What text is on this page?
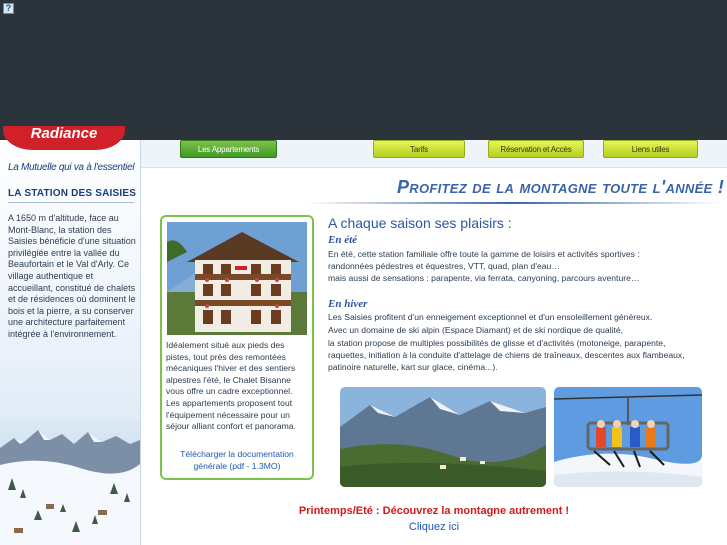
?
Radiance
La Mutuelle qui va à l'essentiel
LA STATION DES SAISIES
A 1650 m d'altitude, face au Mont-Blanc, la station des Saisies bénéficie d'une situation privilégiée entre la vallée du Beaufortain et le Val d'Arly. Ce village authentique et accueillant, constitué de chalets et de résidences où dominent le bois et la pierre, a su conserver une architecture parfaitement intégrée à l'environnement.
Les Appartements	Tarifs	Réservation et Accès	Liens utiles
Profitez de la montagne toute l'année !
Idéalement situé aux pieds des pistes, tout près des remontées mécaniques l'hiver et des sentiers alpestres l'été, le Chalet Bisanne vous offre un cadre exceptionnel. Les appartements proposent tout l'équipement nécessaire pour un séjour alliant confort et panorama.
Télécharger la documentation générale (pdf - 1.3MO)
A chaque saison ses plaisirs :
En été
En été, cette station familiale offre toute la gamme de loisirs et activités sportives :
randonnées pédestres et équestres, VTT, quad, plan d'eau…
mais aussi de sensations : parapente, via ferrata, canyoning, parcours aventure…
En hiver
Les Saisies profitent d'un enneigement exceptionnel et d'un ensoleillement généreux.
Avec un domaine de ski alpin (Espace Diamant) et de ski nordique de qualité,
la station propose de multiples possibilités de glisse et d'activités (motoneige, parapente,
raquettes, initiation à la conduite d'attelage de chiens de traîneaux, descentes aux flambeaux,
patinoire naturelle, kart sur glace, cinéma...).
Printemps/Eté : Découvrez la montagne autrement !
Cliquez ici
